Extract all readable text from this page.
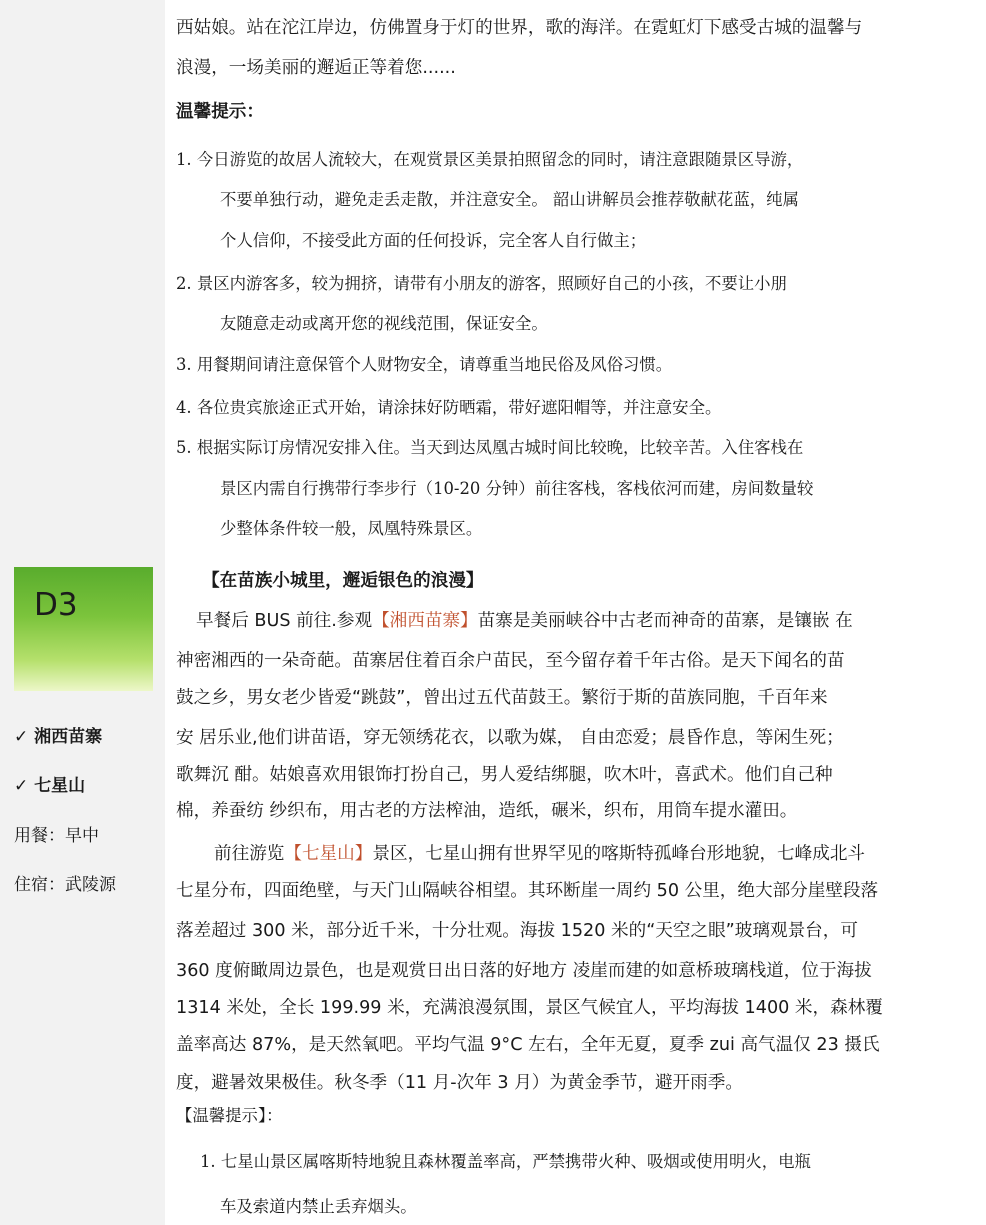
D3
✓ 湘西苗寨
✓ 七星山
用餐：早中
住宿：武陵源
西姑娘。站在沱江岸边，仿佛置身于灯的世界，歌的海洋。在霓虹灯下感受古城的温馨与
浪漫，一场美丽的邂逅正等着您......
温馨提示：
1. 今日游览的故居人流较大，在观赏景区美景拍照留念的同时，请注意跟随景区导游，
不要单独行动，避免走丢走散，并注意安全。 韶山讲解员会推荐敬献花蓝，纯属
个人信仰，不接受此方面的任何投诉，完全客人自行做主；
2. 景区内游客多，较为拥挤，请带有小朋友的游客，照顾好自己的小孩，不要让小朋
友随意走动或离开您的视线范围，保证安全。
3. 用餐期间请注意保管个人财物安全，请尊重当地民俗及风俗习惯。
4. 各位贵宾旅途正式开始，请涂抹好防晒霜，带好遮阳帽等，并注意安全。
5. 根据实际订房情况安排入住。当天到达凤凰古城时间比较晚，比较辛苦。入住客栈在
景区内需自行携带行李步行（10-20 分钟）前往客栈，客栈依河而建，房间数量较
少整体条件较一般，凤凰特殊景区。
【在苗族小城里，邂逅银色的浪漫】
早餐后 BUS 前往.参观【湘西苗寨】苗寨是美丽峡谷中古老而神奇的苗寨，是镶嵌 在
神密湘西的一朵奇葩。苗寨居住着百余户苗民，至今留存着千年古俗。是天下闻名的苗
鼓之乡，男女老少皆爱“跳鼓”，曾出过五代苗鼓王。繁衍于斯的苗族同胞，千百年来
安 居乐业,他们讲苗语，穿无领绣花衣，以歌为媒， 自由恋爱；晨昏作息，等闲生死；
歌舞沉 酣。姑娘喜欢用银饰打扮自己，男人爱结绑腿，吹木叶，喜武术。他们自己种
棉，养蚕纺 纱织布，用古老的方法榨油，造纸，碾米，织布，用筒车提水灌田。
前往游览【七星山】景区，七星山拥有世界罕见的喀斯特孤峰台形地貌，七峰成北斗
七星分布，四面绝壁，与天门山隔峡谷相望。其环断崖一周约 50 公里，绝大部分崖壁段落
落差超过 300 米，部分近千米，十分壮观。海拔 1520 米的“天空之眼”玻璃观景台，可
360 度俯瞰周边景色，也是观赏日出日落的好地方 凌崖而建的如意桥玻璃栈道，位于海拔
1314 米处，全长 199.99 米，充满浪漫氛围，景区气候宜人，平均海拔 1400 米，森林覆
盖率高达 87%，是天然氧吧。平均气温 9°C 左右，全年无夏，夏季 zui 高气温仅 23 摄氏
度，避暑效果极佳。秋冬季（11 月-次年 3 月）为黄金季节，避开雨季。
【温馨提示】：
1. 七星山景区属喀斯特地貌且森林覆盖率高，严禁携带火种、吸烟或使用明火，电瓶
车及索道内禁止丢弃烟头。
